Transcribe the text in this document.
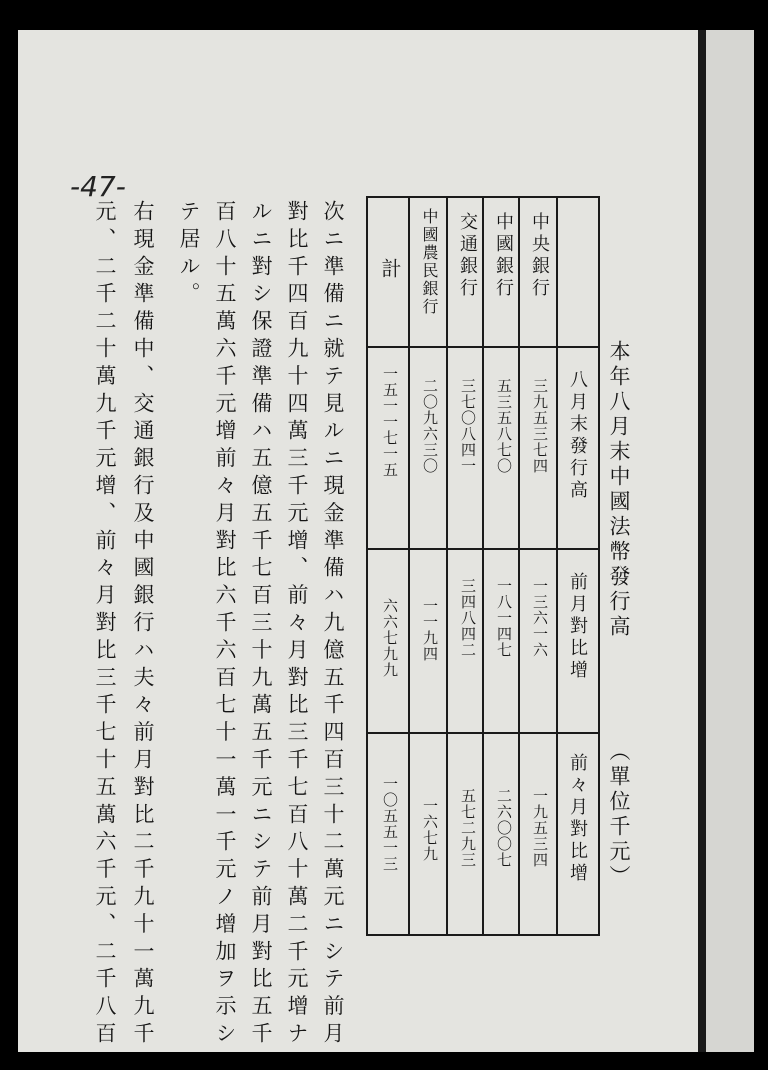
-47-
本年八月末中國法幣發行高
（單位千元）
八月末發行高
前月對比增
前々月對比增
中央銀行
三九五三七四
一三六一六
一九五三四
中國銀行
五三五八七〇
一八一四七
二六〇〇七
交通銀行
三七〇八四一
三四八四二
五七二九三
中國農民銀行
二〇九六三〇
一一九四
一六七九
計
一五一一七一五
六六七九九
一〇五五一三
次ニ準備ニ就テ見ルニ現金準備ハ九億五千四百三十二萬元ニシテ前月
對比千四百九十四萬三千元增、前々月對比三千七百八十萬二千元增ナ
ルニ對シ保證準備ハ五億五千七百三十九萬五千元ニシテ前月對比五千
百八十五萬六千元增前々月對比六千六百七十一萬一千元ノ增加ヲ示シ
テ居ル。
右現金準備中、交通銀行及中國銀行ハ夫々前月對比二千九十一萬九千
元、二千二十萬九千元增、前々月對比三千七十五萬六千元、二千八百
